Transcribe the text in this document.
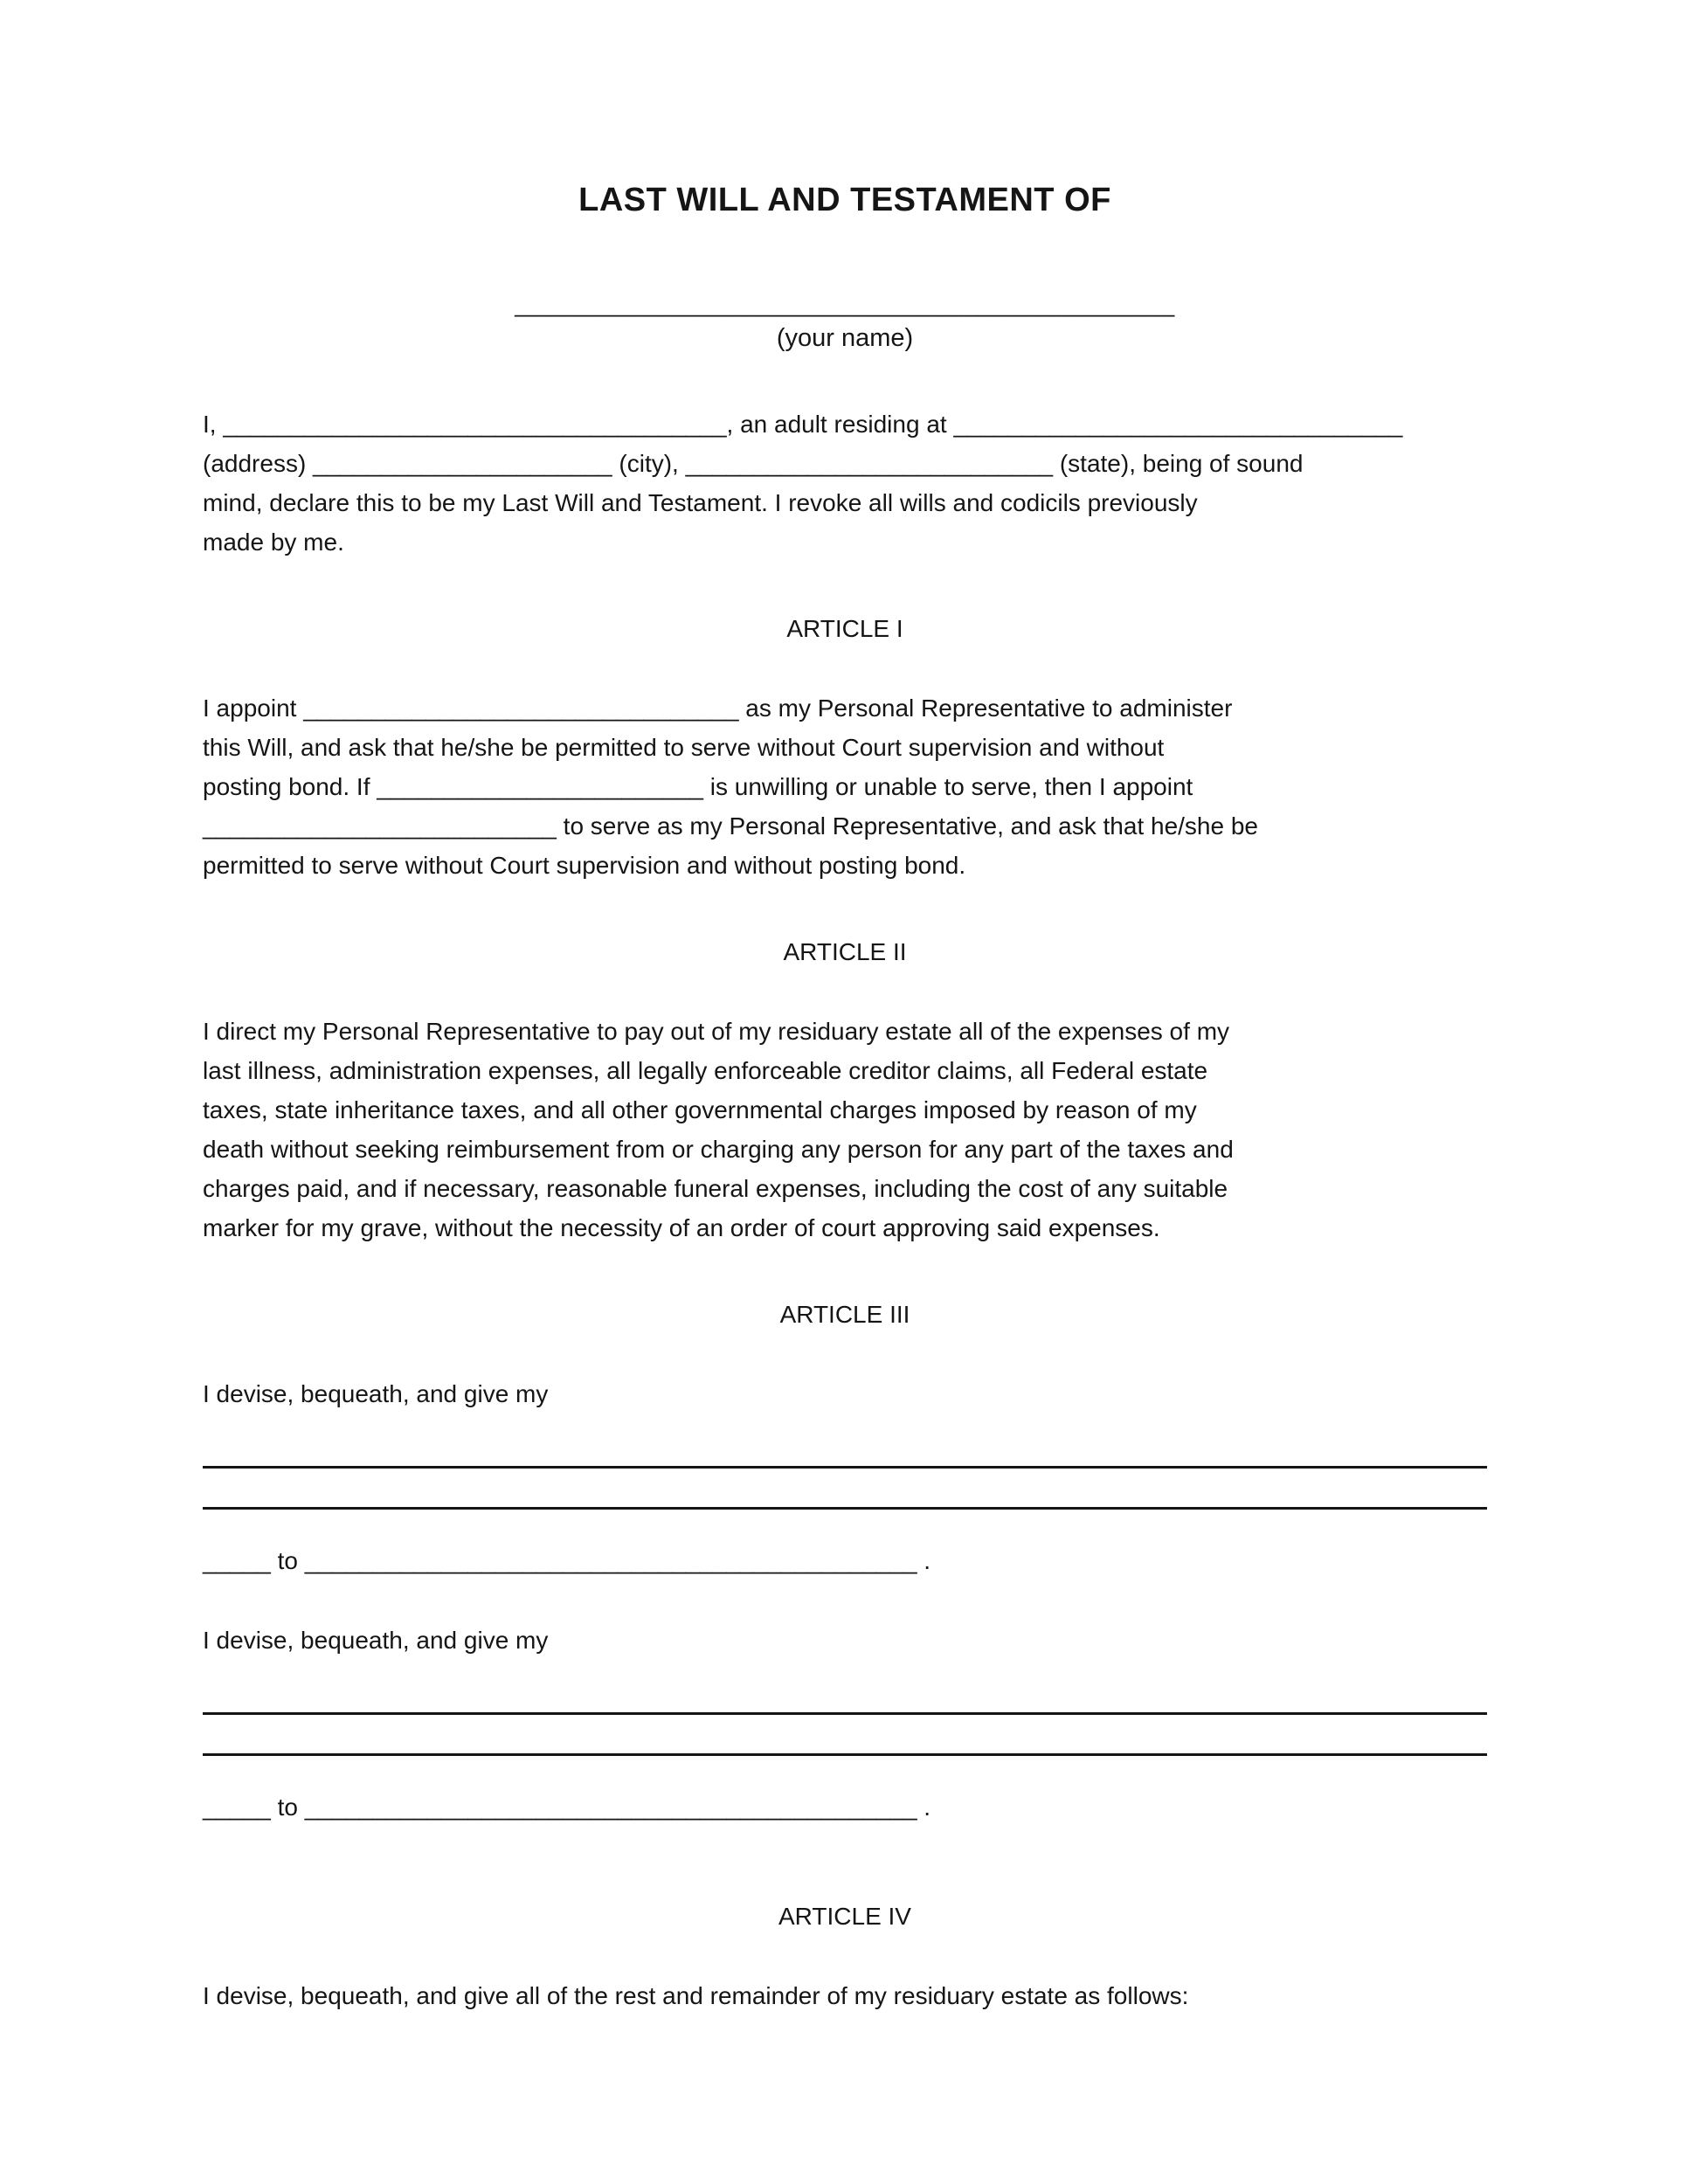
LAST WILL AND TESTAMENT OF
_______________________________________________
(your name)
I, _____________________________________, an adult residing at _________________________________
(address) ______________________ (city), ___________________________ (state), being of sound
mind, declare this to be my Last Will and Testament. I revoke all wills and codicils previously
made by me.
ARTICLE I
I appoint ________________________________ as my Personal Representative to administer
this Will, and ask that he/she be permitted to serve without Court supervision and without
posting bond. If ________________________ is unwilling or unable to serve, then I appoint
__________________________ to serve as my Personal Representative, and ask that he/she be
permitted to serve without Court supervision and without posting bond.
ARTICLE II
I direct my Personal Representative to pay out of my residuary estate all of the expenses of my
last illness, administration expenses, all legally enforceable creditor claims, all Federal estate
taxes, state inheritance taxes, and all other governmental charges imposed by reason of my
death without seeking reimbursement from or charging any person for any part of the taxes and
charges paid, and if necessary, reasonable funeral expenses, including the cost of any suitable
marker for my grave, without the necessity of an order of court approving said expenses.
ARTICLE III
I devise, bequeath, and give my
_____ to _____________________________________________ .
I devise, bequeath, and give my
_____ to _____________________________________________ .
ARTICLE IV
I devise, bequeath, and give all of the rest and remainder of my residuary estate as follows:
